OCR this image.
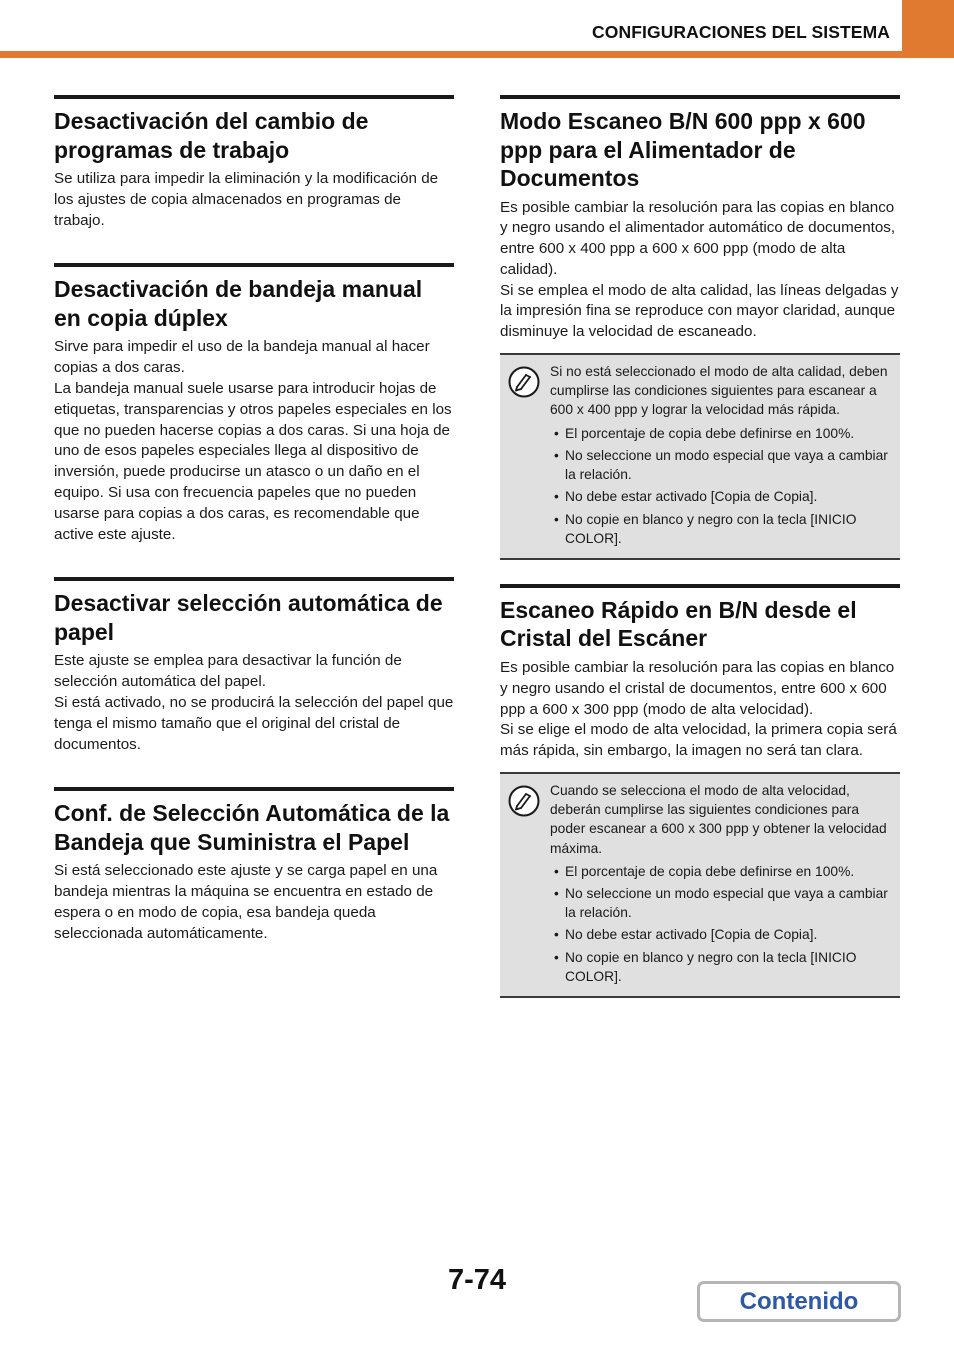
CONFIGURACIONES DEL SISTEMA
Desactivación del cambio de programas de trabajo

Se utiliza para impedir la eliminación y la modificación de los ajustes de copia almacenados en programas de trabajo.

Desactivación de bandeja manual en copia dúplex

Sirve para impedir el uso de la bandeja manual al hacer copias a dos caras.
La bandeja manual suele usarse para introducir hojas de etiquetas, transparencias y otros papeles especiales en los que no pueden hacerse copias a dos caras. Si una hoja de uno de esos papeles especiales llega al dispositivo de inversión, puede producirse un atasco o un daño en el equipo. Si usa con frecuencia papeles que no pueden usarse para copias a dos caras, es recomendable que active este ajuste.

Desactivar selección automática de papel

Este ajuste se emplea para desactivar la función de selección automática del papel.
Si está activado, no se producirá la selección del papel que tenga el mismo tamaño que el original del cristal de documentos.

Conf. de Selección Automática de la Bandeja que Suministra el Papel

Si está seleccionado este ajuste y se carga papel en una bandeja mientras la máquina se encuentra en estado de espera o en modo de copia, esa bandeja queda seleccionada automáticamente.

Modo Escaneo B/N 600 ppp x 600 ppp para el Alimentador de Documentos

Es posible cambiar la resolución para las copias en blanco y negro usando el alimentador automático de documentos, entre 600 x 400 ppp a 600 x 600 ppp (modo de alta calidad).
Si se emplea el modo de alta calidad, las líneas delgadas y la impresión fina se reproduce con mayor claridad, aunque disminuye la velocidad de escaneado.

Si no está seleccionado el modo de alta calidad, deben cumplirse las condiciones siguientes para escanear a 600 x 400 ppp y lograr la velocidad más rápida.
• El porcentaje de copia debe definirse en 100%.
• No seleccione un modo especial que vaya a cambiar la relación.
• No debe estar activado [Copia de Copia].
• No copie en blanco y negro con la tecla [INICIO COLOR].
Escaneo Rápido en B/N desde el Cristal del Escáner

Es posible cambiar la resolución para las copias en blanco y negro usando el cristal de documentos, entre 600 x 600 ppp a 600 x 300 ppp (modo de alta velocidad).
Si se elige el modo de alta velocidad, la primera copia será más rápida, sin embargo, la imagen no será tan clara.

Cuando se selecciona el modo de alta velocidad, deberán cumplirse las siguientes condiciones para poder escanear a 600 x 300 ppp y obtener la velocidad máxima.
• El porcentaje de copia debe definirse en 100%.
• No seleccione un modo especial que vaya a cambiar la relación.
• No debe estar activado [Copia de Copia].
• No copie en blanco y negro con la tecla [INICIO COLOR].
7-74
Contenido
